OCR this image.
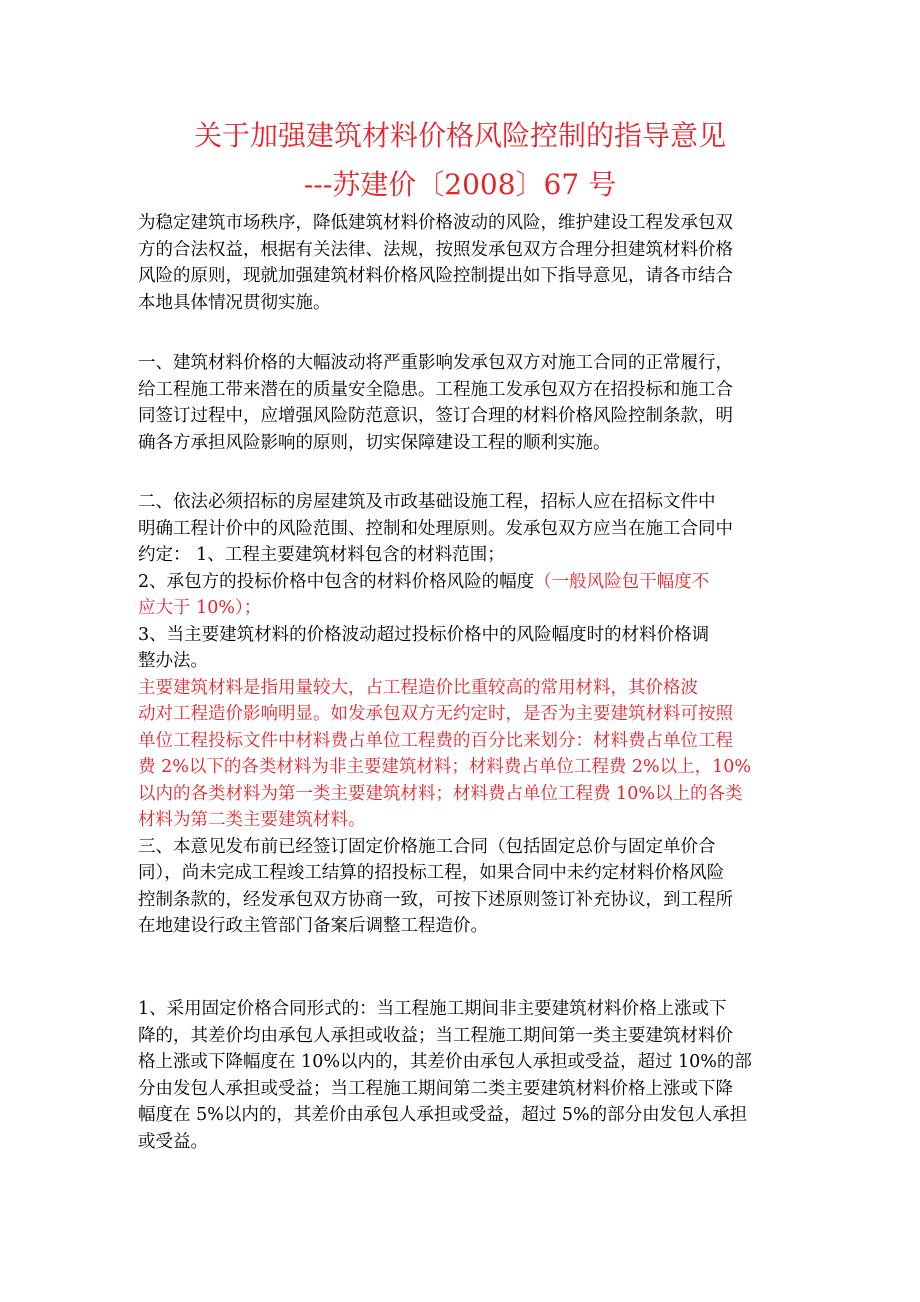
关于加强建筑材料价格风险控制的指导意见
---苏建价〔2008〕67 号
为稳定建筑市场秩序，降低建筑材料价格波动的风险，维护建设工程发承包双
方的合法权益，根据有关法律、法规，按照发承包双方合理分担建筑材料价格
风险的原则，现就加强建筑材料价格风险控制提出如下指导意见，请各市结合
本地具体情况贯彻实施。
一、建筑材料价格的大幅波动将严重影响发承包双方对施工合同的正常履行，
给工程施工带来潜在的质量安全隐患。工程施工发承包双方在招投标和施工合
同签订过程中，应增强风险防范意识，签订合理的材料价格风险控制条款，明
确各方承担风险影响的原则，切实保障建设工程的顺利实施。
二、依法必须招标的房屋建筑及市政基础设施工程，招标人应在招标文件中
明确工程计价中的风险范围、控制和处理原则。发承包双方应当在施工合同中
约定： 1、工程主要建筑材料包含的材料范围；
2、承包方的投标价格中包含的材料价格风险的幅度（一般风险包干幅度不
应大于 10%）；
3、当主要建筑材料的价格波动超过投标价格中的风险幅度时的材料价格调
整办法。
主要建筑材料是指用量较大，占工程造价比重较高的常用材料，其价格波
动对工程造价影响明显。如发承包双方无约定时，是否为主要建筑材料可按照
单位工程投标文件中材料费占单位工程费的百分比来划分：材料费占单位工程
费 2%以下的各类材料为非主要建筑材料；材料费占单位工程费 2%以上，10%
以内的各类材料为第一类主要建筑材料；材料费占单位工程费 10%以上的各类
材料为第二类主要建筑材料。
三、本意见发布前已经签订固定价格施工合同（包括固定总价与固定单价合
同），尚未完成工程竣工结算的招投标工程，如果合同中未约定材料价格风险
控制条款的，经发承包双方协商一致，可按下述原则签订补充协议，到工程所
在地建设行政主管部门备案后调整工程造价。
1、采用固定价格合同形式的：当工程施工期间非主要建筑材料价格上涨或下
降的，其差价均由承包人承担或收益；当工程施工期间第一类主要建筑材料价
格上涨或下降幅度在 10%以内的，其差价由承包人承担或受益，超过 10%的部
分由发包人承担或受益；当工程施工期间第二类主要建筑材料价格上涨或下降
幅度在 5%以内的，其差价由承包人承担或受益，超过 5%的部分由发包人承担
或受益。
